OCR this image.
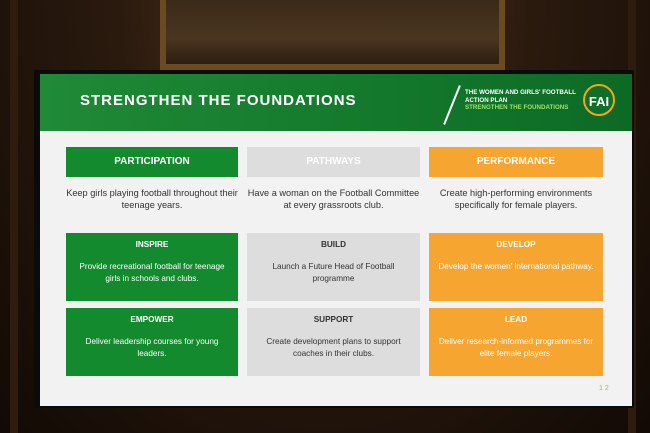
STRENGTHEN THE FOUNDATIONS	THE WOMEN AND GIRLS' FOOTBALL
ACTION PLAN
STRENGTHEN THE FOUNDATIONS	FAI
PARTICIPATION
Keep girls playing football throughout their teenage years.
INSPIRE
Provide recreational football for teenage girls in schools and clubs.
EMPOWER
Deliver leadership courses for young leaders.
PATHWAYS
Have a woman on the Football Committee at every grassroots club.
BUILD
Launch a Future Head of Football programme
SUPPORT
Create development plans to support coaches in their clubs.
PERFORMANCE
Create high-performing environments specifically for female players.
DEVELOP
Develop the women' international pathway.
LEAD
Deliver research-informed programmes for elite female players.
1 2
